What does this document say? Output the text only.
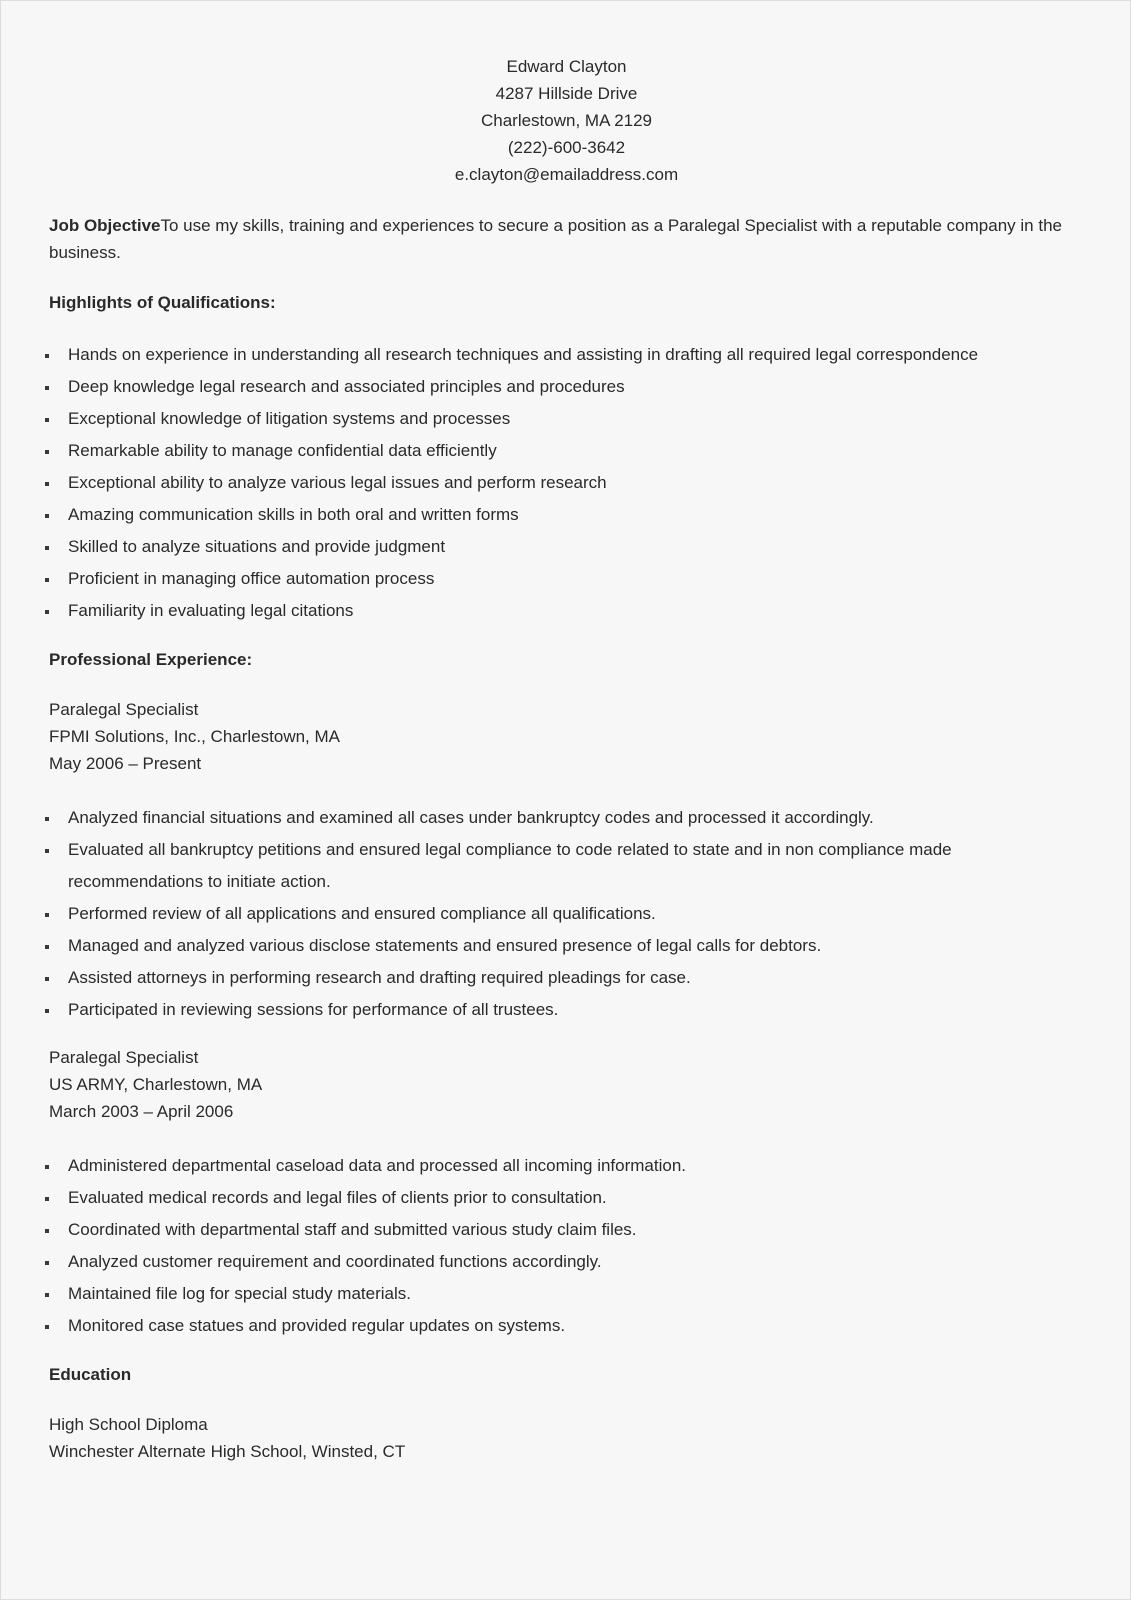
Edward Clayton
4287 Hillside Drive
Charlestown, MA 2129
(222)-600-3642
e.clayton@emailaddress.com

Job ObjectiveTo use my skills, training and experiences to secure a position as a Paralegal Specialist with a reputable company in the business.

Highlights of Qualifications:
Hands on experience in understanding all research techniques and assisting in drafting all required legal correspondence
Deep knowledge legal research and associated principles and procedures
Exceptional knowledge of litigation systems and processes
Remarkable ability to manage confidential data efficiently
Exceptional ability to analyze various legal issues and perform research
Amazing communication skills in both oral and written forms
Skilled to analyze situations and provide judgment
Proficient in managing office automation process
Familiarity in evaluating legal citations
Professional Experience:
Paralegal Specialist
FPMI Solutions, Inc., Charlestown, MA
May 2006 – Present
Analyzed financial situations and examined all cases under bankruptcy codes and processed it accordingly.
Evaluated all bankruptcy petitions and ensured legal compliance to code related to state and in non compliance made recommendations to initiate action.
Performed review of all applications and ensured compliance all qualifications.
Managed and analyzed various disclose statements and ensured presence of legal calls for debtors.
Assisted attorneys in performing research and drafting required pleadings for case.
Participated in reviewing sessions for performance of all trustees.
Paralegal Specialist
US ARMY, Charlestown, MA
March 2003 – April 2006
Administered departmental caseload data and processed all incoming information.
Evaluated medical records and legal files of clients prior to consultation.
Coordinated with departmental staff and submitted various study claim files.
Analyzed customer requirement and coordinated functions accordingly.
Maintained file log for special study materials.
Monitored case statues and provided regular updates on systems.
Education
High School Diploma
Winchester Alternate High School, Winsted, CT
